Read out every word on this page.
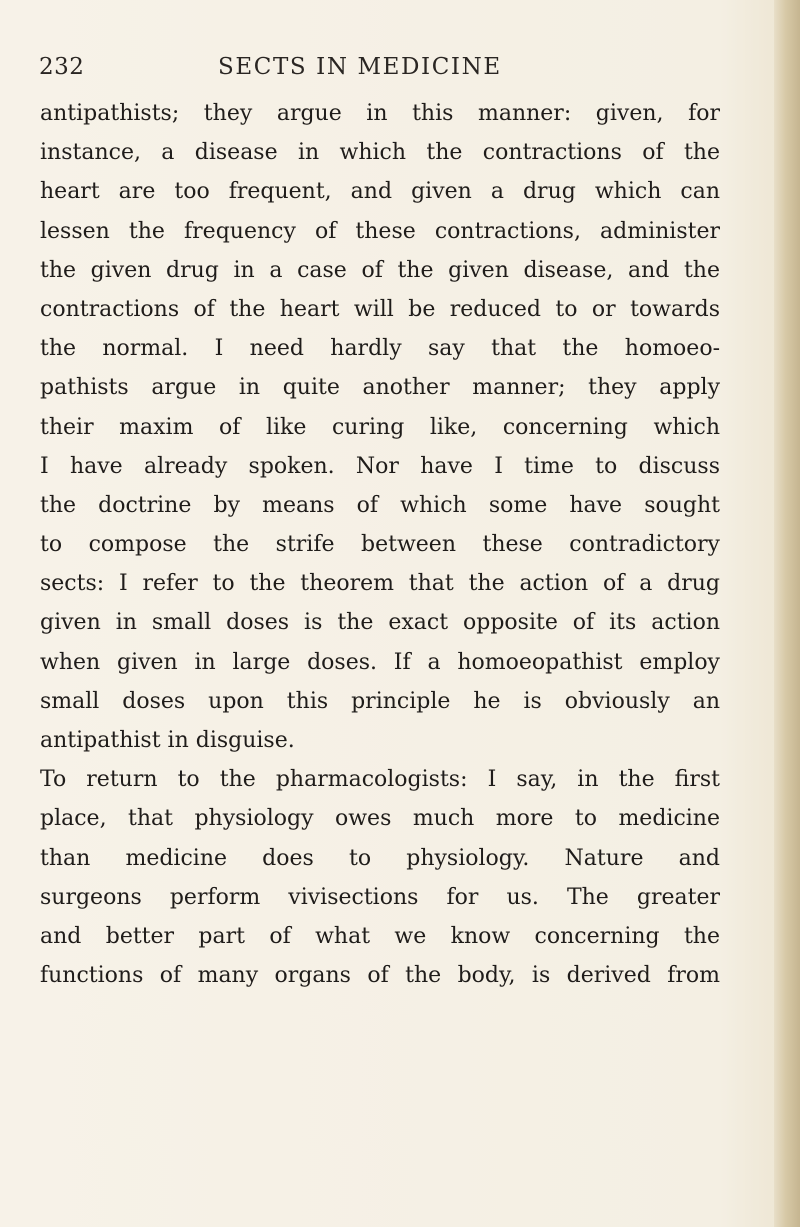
232	SECTS IN MEDICINE
antipathists; they argue in this manner: given, for
instance, a disease in which the contractions of the
heart are too frequent, and given a drug which can
lessen the frequency of these contractions, administer
the given drug in a case of the given disease, and the
contractions of the heart will be reduced to or towards
the normal. I need hardly say that the homoeo-
pathists argue in quite another manner; they apply
their maxim of like curing like, concerning which
I have already spoken. Nor have I time to discuss
the doctrine by means of which some have sought
to compose the strife between these contradictory
sects: I refer to the theorem that the action of a drug
given in small doses is the exact opposite of its action
when given in large doses. If a homoeopathist employ
small doses upon this principle he is obviously an
antipathist in disguise.
To return to the pharmacologists: I say, in the first
place, that physiology owes much more to medicine
than medicine does to physiology. Nature and
surgeons perform vivisections for us. The greater
and better part of what we know concerning the
functions of many organs of the body, is derived from
